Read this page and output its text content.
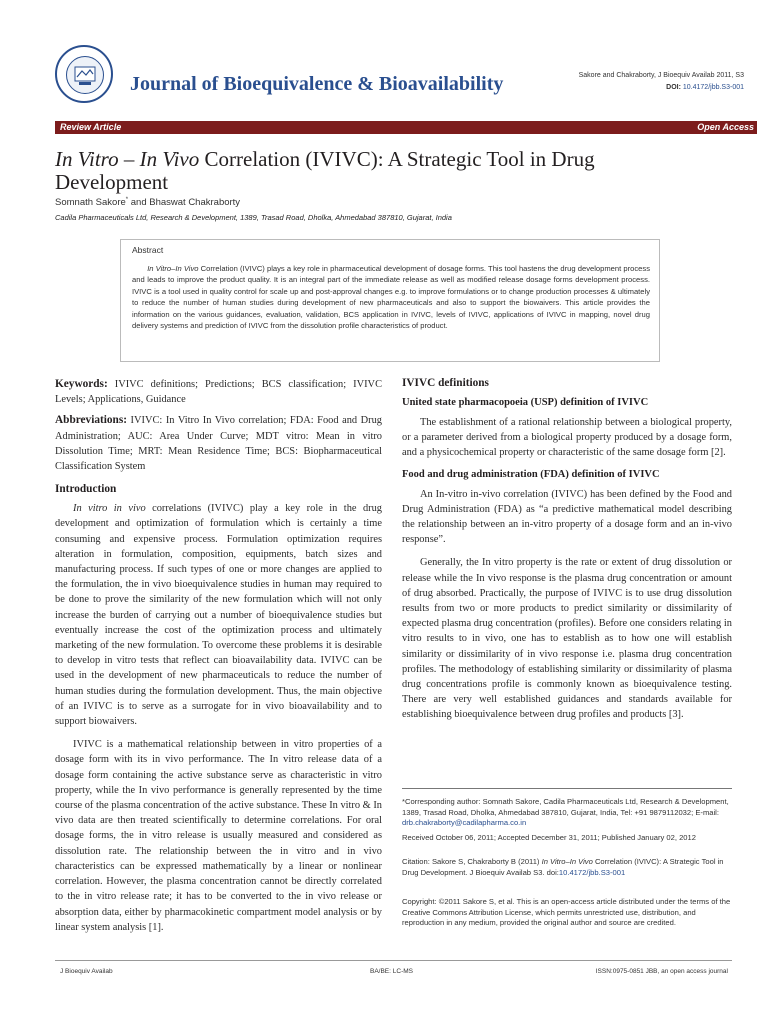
Journal of Bioequivalence & Bioavailability	Sakore and Chakraborty, J Bioequiv Availab 2011, S3
DOI: 10.4172/jbb.S3-001
Review Article	Open Access
In Vitro – In Vivo Correlation (IVIVC): A Strategic Tool in Drug Development
Somnath Sakore* and Bhaswat Chakraborty
Cadila Pharmaceuticals Ltd, Research & Development, 1389, Trasad Road, Dholka, Ahmedabad 387810, Gujarat, India
Abstract
  In Vitro–In Vivo Correlation (IVIVC) plays a key role in pharmaceutical development of dosage forms. This tool hastens the drug development process and leads to improve the product quality. It is an integral part of the immediate release as well as modified release dosage forms development process. IVIVC is a tool used in quality control for scale up and post-approval changes e.g. to improve formulations or to change production processes & ultimately to reduce the number of human studies during development of new pharmaceuticals and also to support the biowaivers. This article provides the information on the various guidances, evaluation, validation, BCS application in IVIVC, levels of IVIVC, applications of IVIVC in mapping, novel drug delivery systems and prediction of IVIVC from the dissolution profile characteristics of product.

Keywords: IVIVC definitions; Predictions; BCS classification; IVIVC Levels; Applications, Guidance

Abbreviations: IVIVC: In Vitro In Vivo correlation; FDA: Food and Drug Administration; AUC: Area Under Curve; MDT vitro: Mean in vitro Dissolution Time; MRT: Mean Residence Time; BCS: Biopharmaceutical Classification System

Introduction

In vitro in vivo correlations (IVIVC) play a key role in the drug development and optimization of formulation which is certainly a time consuming and expensive process. Formulation optimization requires alteration in formulation, composition, equipments, batch sizes and manufacturing process. If such types of one or more changes are applied to the formulation, the in vivo bioequivalence studies in human may required to be done to prove the similarity of the new formulation which will not only increase the burden of carrying out a number of bioequivalence studies but eventually increase the cost of the optimization process and ultimately marketing of the new formulation. To overcome these problems it is desirable to develop in vitro tests that reflect can bioavailability data. IVIVC can be used in the development of new pharmaceuticals to reduce the number of human studies during the formulation development. Thus, the main objective of an IVIVC is to serve as a surrogate for in vivo bioavailability and to support biowaivers.

IVIVC is a mathematical relationship between in vitro properties of a dosage form with its in vivo performance. The In vitro release data of a dosage form containing the active substance serve as characteristic in vitro property, while the In vivo performance is generally represented by the time course of the plasma concentration of the active substance. These In vitro & In vivo data are then treated scientifically to determine correlations. For oral dosage forms, the in vitro release is usually measured and considered as dissolution rate. The relationship between the in vitro and in vivo characteristics can be expressed mathematically by a linear or nonlinear correlation. However, the plasma concentration cannot be directly correlated to the in vitro release rate; it has to be converted to the in vivo release or absorption data, either by pharmacokinetic compartment model analysis or by linear system analysis [1].

IVIVC definitions
United state pharmacopoeia (USP) definition of IVIVC

The establishment of a rational relationship between a biological property, or a parameter derived from a biological property produced by a dosage form, and a physicochemical property or characteristic of the same dosage form [2].

Food and drug administration (FDA) definition of IVIVC

An In-vitro in-vivo correlation (IVIVC) has been defined by the Food and Drug Administration (FDA) as “a predictive mathematical model describing the relationship between an in-vitro property of a dosage form and an in-vivo response”.

Generally, the In vitro property is the rate or extent of drug dissolution or release while the In vivo response is the plasma drug concentration or amount of drug absorbed. Practically, the purpose of IVIVC is to use drug dissolution results from two or more products to predict similarity or dissimilarity of expected plasma drug concentration (profiles). Before one considers relating in vitro results to in vivo, one has to establish as to how one will establish similarity or dissimilarity of in vivo response i.e. plasma drug concentration profiles. The methodology of establishing similarity or dissimilarity of plasma drug concentrations profile is commonly known as bioequivalence testing. There are very well established guidances and standards available for establishing bioequivalence between drug profiles and products [3].

*Corresponding author: Somnath Sakore, Cadila Pharmaceuticals Ltd, Research & Development, 1389, Trasad Road, Dholka, Ahmedabad 387810, Gujarat, India, Tel: +91 9879112032; E-mail: drb.chakraborty@cadilapharma.co.in
Received October 06, 2011; Accepted December 31, 2011; Published January 02, 2012
Citation: Sakore S, Chakraborty B (2011) In Vitro–In Vivo Correlation (IVIVC): A Strategic Tool in Drug Development. J Bioequiv Availab S3. doi:10.4172/jbb.S3-001
Copyright: ©2011 Sakore S, et al. This is an open-access article distributed under the terms of the Creative Commons Attribution License, which permits unrestricted use, distribution, and reproduction in any medium, provided the original author and source are credited.
J Bioequiv Availab	BA/BE: LC-MS	ISSN:0975-0851 JBB, an open access journal
